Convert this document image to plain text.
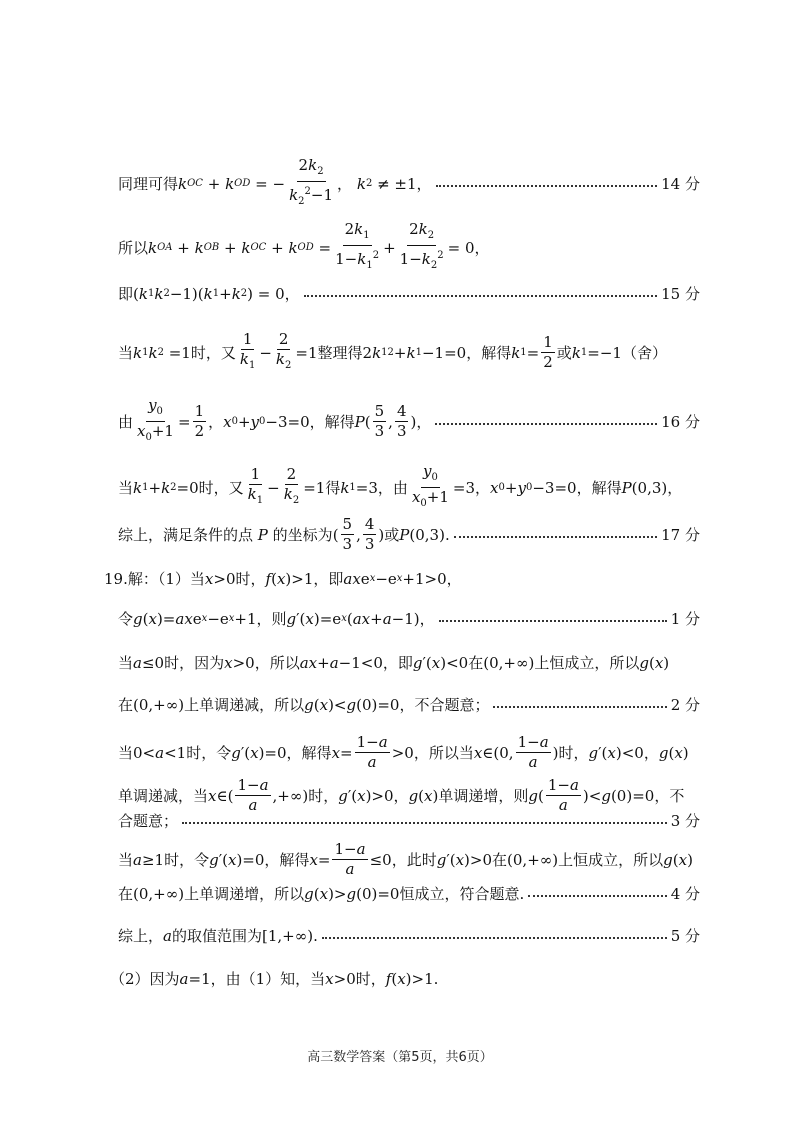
同理可得 k OC + k OD = − $\frac{2k_2}{k_2^2-1}$ ，
k 2 ≠ ±1 ，	14 分
所以 k OA + k OB + k OC + k OD = $\frac{2k_1}{1-k_1^2} + \frac{2k_2}{1-k_2^2} = 0$ ，
即 ( k 1 k 2 −1)( k 1 + k 2 ) = 0 ，	15 分
当 k 1 k 2 =1 时，又 $\frac{1}{k_1} - \frac{2}{k_2} =1$ 整理得 2 k 1 2 + k 1 −1=0 ，解得 k $1 = \frac{1}{2}$ 或 k 1 =−1 （舍）
由 $\frac{y_0}{x_0+1} = \frac{1}{2}$ ， x 0 + y 0 −3=0 ，解得 P ( $\frac{5}{3}$ , $\frac{4}{3}$ ) ，	16 分
当 k 1 + k 2 =0 时，又 $\frac{1}{k_1} - \frac{2}{k_2} =1$ 得 k 1 =3 ，由 $\frac{y_0}{x_0+1} =3$ ， x 0 + y 0 −3=0 ，解得 P (0,3) ，
综上，满足条件的点
P
的坐标为 ( $\frac{5}{3}$ , $\frac{4}{3}$ ) 或 P (0,3) .	17 分
19. 解：（1）当 x >0 时， f ( x )>1 ，即 ax e x −e x +1>0 ，
令 g ( x )= ax e x −e x +1 ，则 g ′( x )=e x ( ax + a −1) ，	1 分
当 a ≤0 时，因为 x >0 ，所以 ax + a −1<0 ，即 g ′( x )<0 在 (0,+∞) 上恒成立，所以 g ( x )
在 (0,+∞) 上单调递减，所以 g ( x )< g (0)=0 ，不合题意；	2 分
当 0< a <1 时，令 g ′( x )=0 ，解得 $x = \frac{1-a}{a} >0$ ，所以当 x ∈(0, $\frac{1-a}{a}$ ) 时， g ′( x )<0 ， g ( x )
单调递减，当 x ∈( $\frac{1-a}{a}$ ,+∞) 时， g ′( x )>0 ， g ( x ) 单调递增，则 g ( $\frac{1-a}{a}$ )< g (0)=0 ，不
合题意；	3 分
当 a ≥1 时，令 g ′( x )=0 ，解得 $x = \frac{1-a}{a} \le 0$ ，此时 g ′( x )>0 在 (0,+∞) 上恒成立，所以 g ( x )
在 (0,+∞) 上单调递增，所以 g ( x )> g (0)=0 恒成立，符合题意.	4 分
综上， a 的取值范围为 [1,+∞) .	5 分
（2）因为 a =1 ，由（1）知，当 x >0 时， f ( x )>1 .
高三数学答案（第5页，共6页）
